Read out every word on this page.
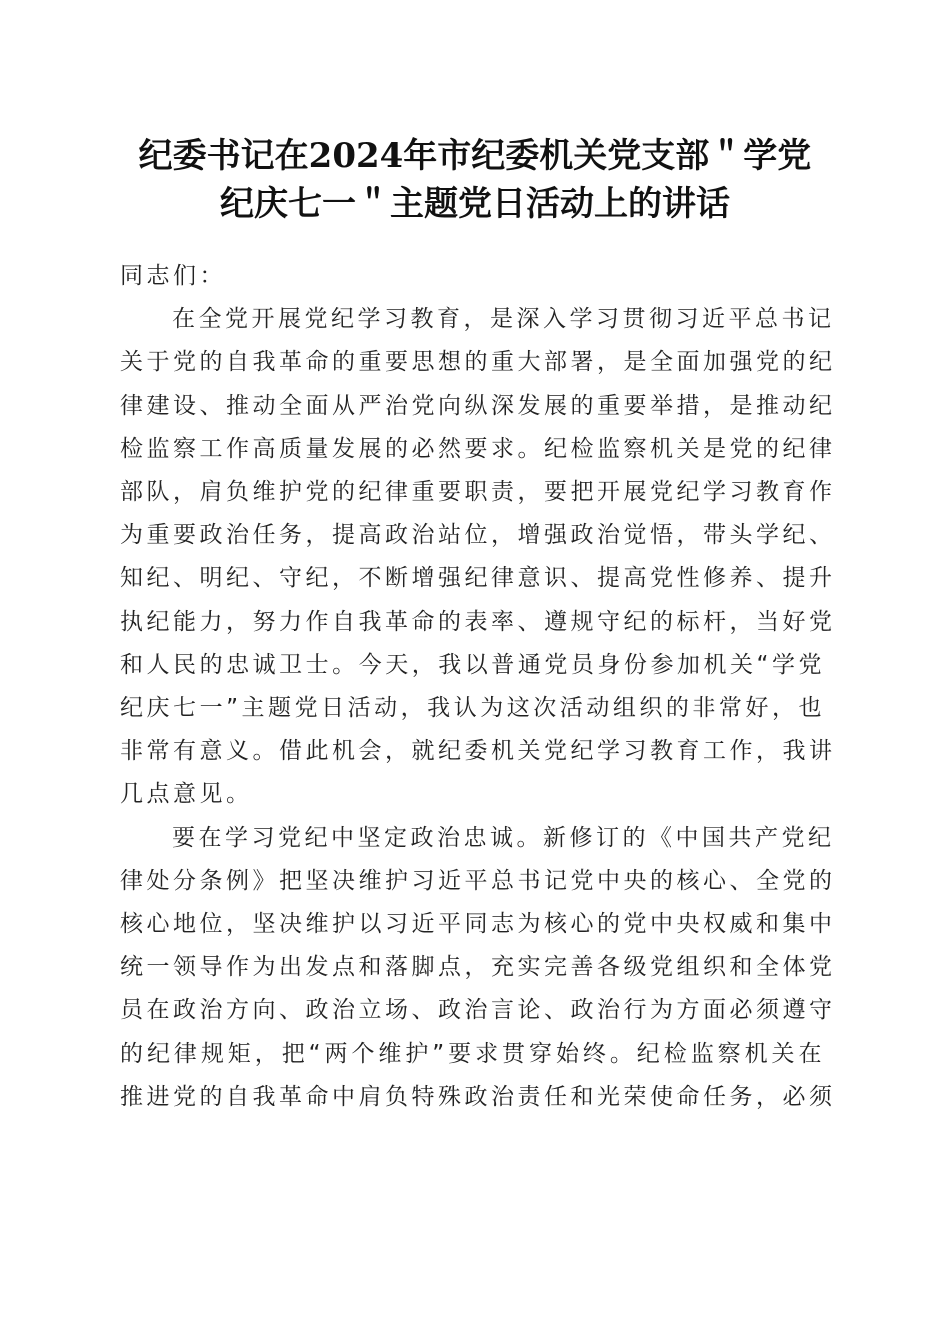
纪委书记在2024年市纪委机关党支部＂学党
纪庆七一＂主题党日活动上的讲话

同志们：

在全党开展党纪学习教育，是深入学习贯彻习近平总书记
关于党的自我革命的重要思想的重大部署，是全面加强党的纪
律建设、推动全面从严治党向纵深发展的重要举措，是推动纪
检监察工作高质量发展的必然要求。纪检监察机关是党的纪律
部队，肩负维护党的纪律重要职责，要把开展党纪学习教育作
为重要政治任务，提高政治站位，增强政治觉悟，带头学纪、
知纪、明纪、守纪，不断增强纪律意识、提高党性修养、提升
执纪能力，努力作自我革命的表率、遵规守纪的标杆，当好党
和人民的忠诚卫士。今天，我以普通党员身份参加机关“学党
纪庆七一”主题党日活动，我认为这次活动组织的非常好，也
非常有意义。借此机会，就纪委机关党纪学习教育工作，我讲
几点意见。

要在学习党纪中坚定政治忠诚。新修订的《中国共产党纪
律处分条例》把坚决维护习近平总书记党中央的核心、全党的
核心地位，坚决维护以习近平同志为核心的党中央权威和集中
统一领导作为出发点和落脚点，充实完善各级党组织和全体党
员在政治方向、政治立场、政治言论、政治行为方面必须遵守
的纪律规矩，把“两个维护”要求贯穿始终。纪检监察机关在
推进党的自我革命中肩负特殊政治责任和光荣使命任务，必须
